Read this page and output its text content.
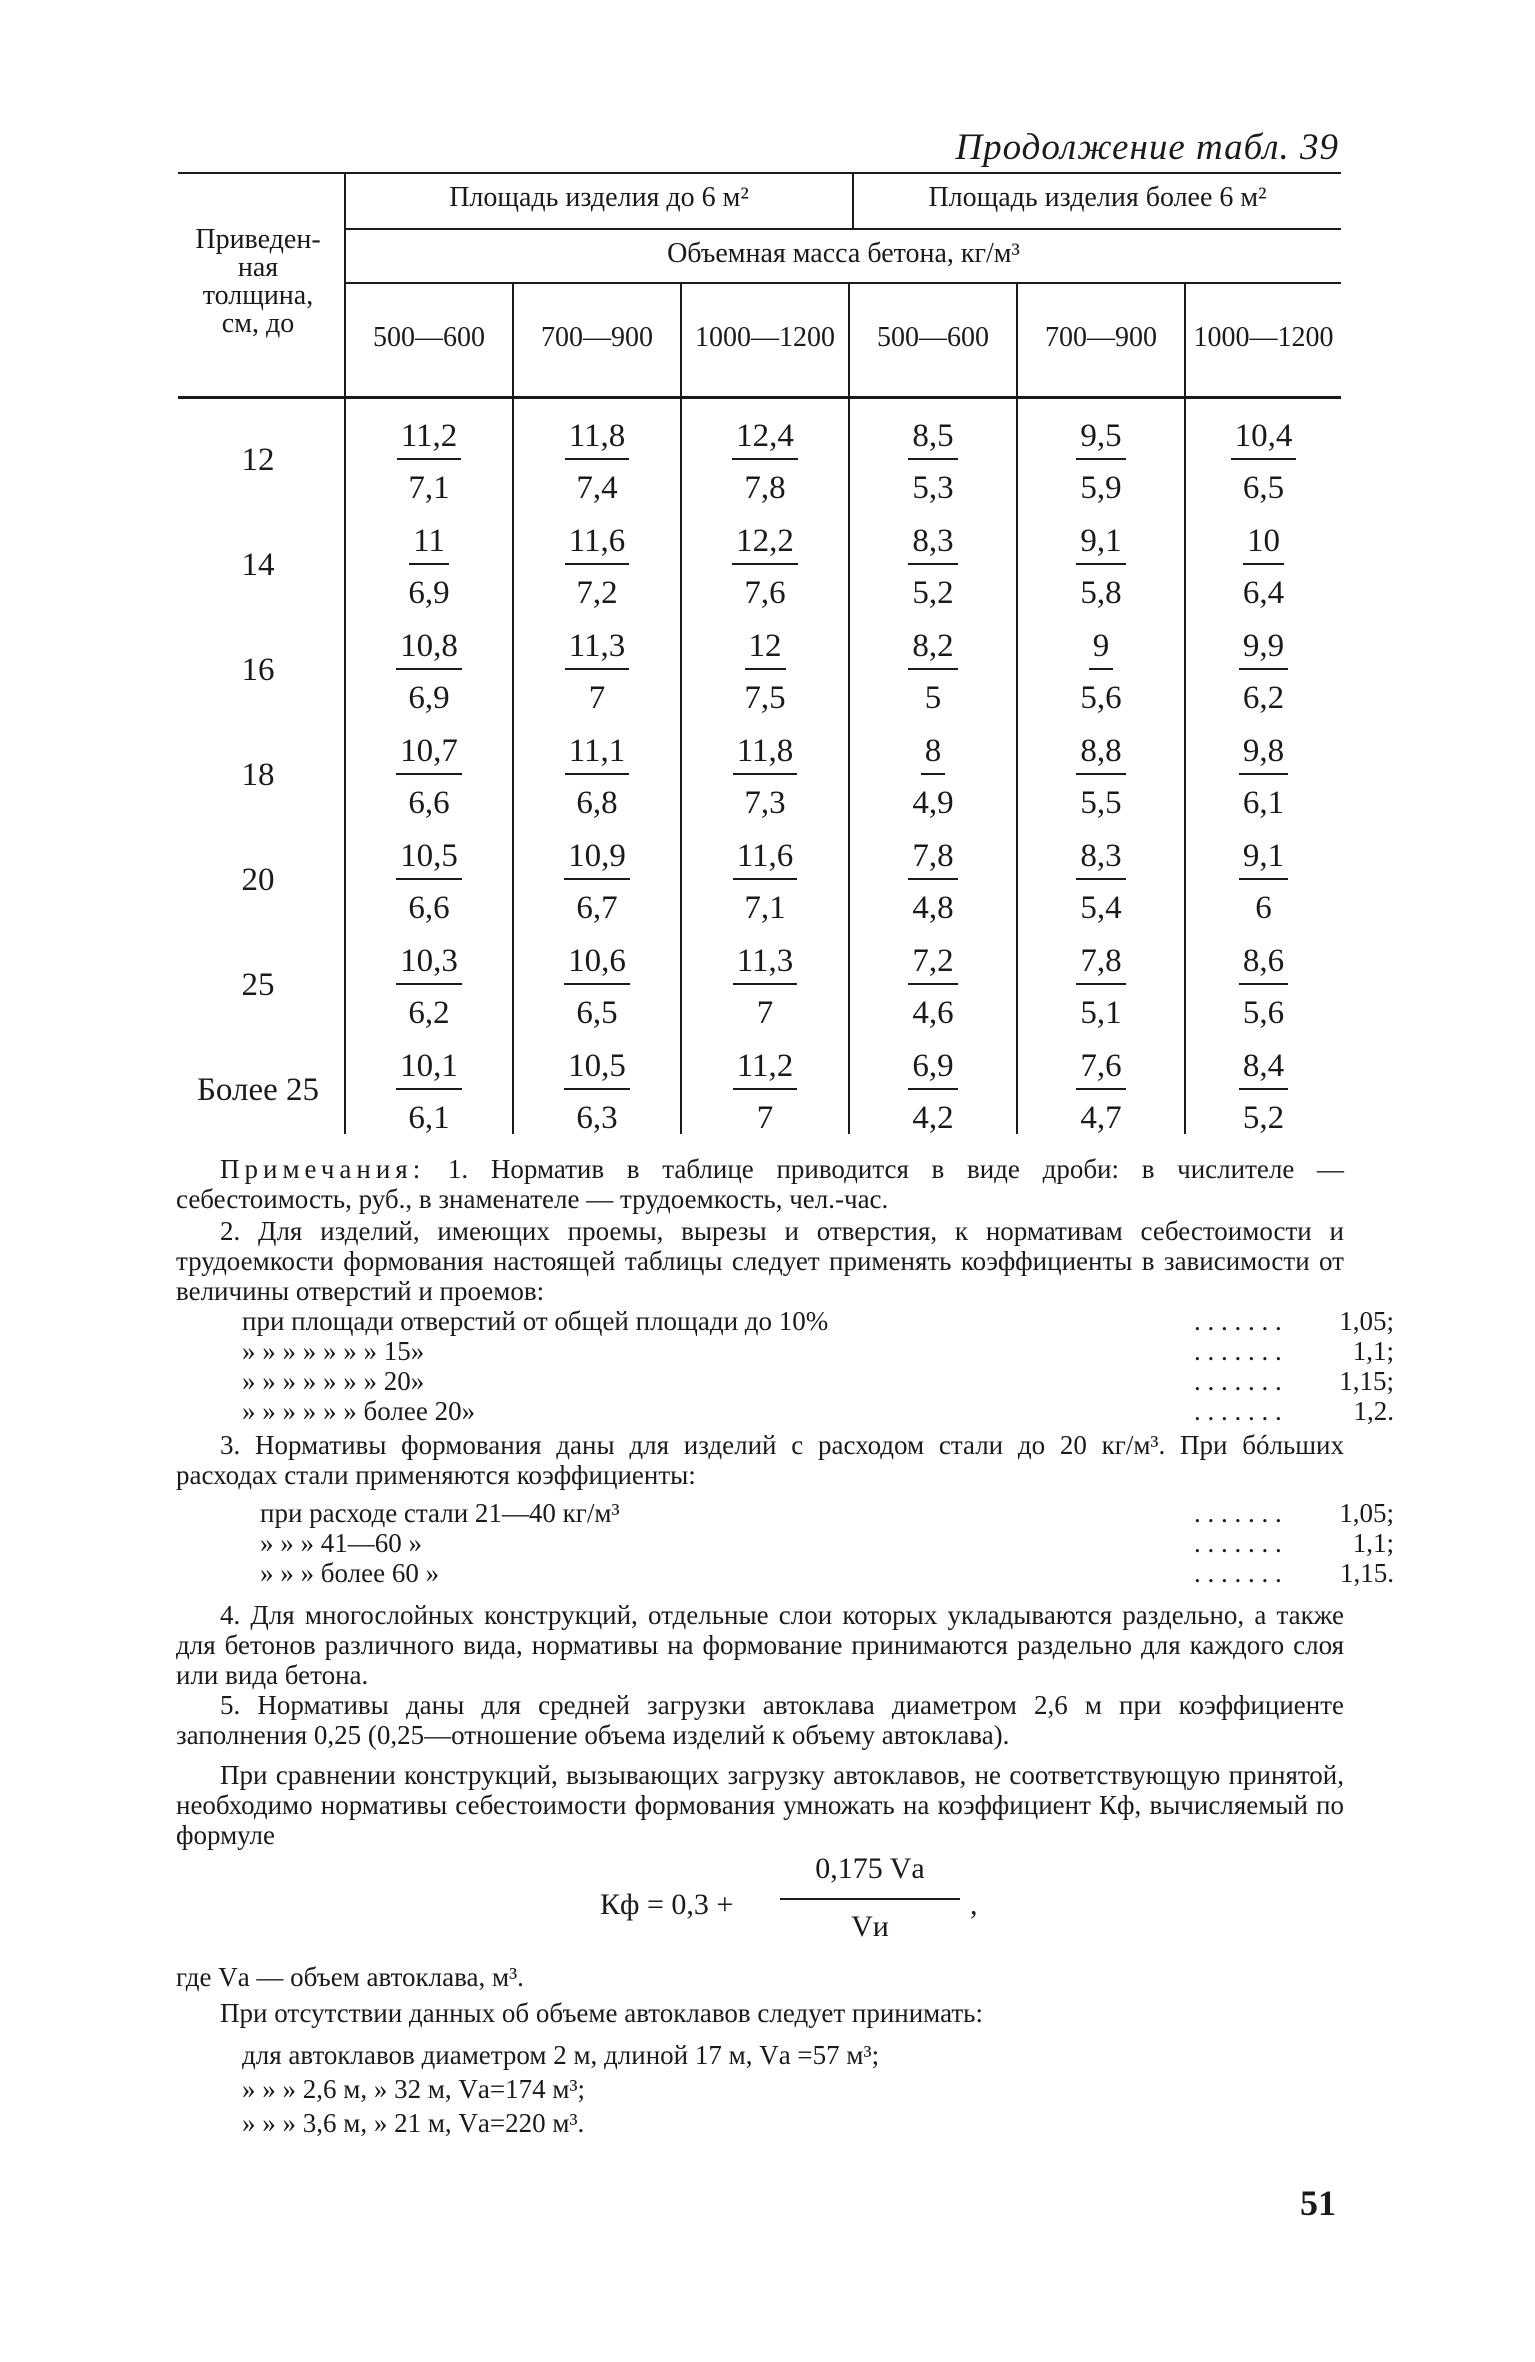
Продолжение табл. 39
Приведен-
ная
толщина,
см, до
Площадь изделия до 6 м²	Площадь изделия более 6 м²
Объемная масса бетона, кг/м³
500—600	700—900	1000—1200	500—600	700—900	1000—1200
12	$\frac{11,2}{7,1} \frac{11,8}{7,4} \frac{12,4}{7,8} \frac{8,5}{5,3} \frac{9,5}{5,9} \frac{10,4}{6,5}$
14	$\frac{11}{6,9} \frac{11,6}{7,2} \frac{12,2}{7,6} \frac{8,3}{5,2} \frac{9,1}{5,8} \frac{10}{6,4}$
16	$\frac{10,8}{6,9} \frac{11,3}{7} \frac{12}{7,5} \frac{8,2}{5} \frac{9}{5,6} \frac{9,9}{6,2}$
18	$\frac{10,7}{6,6} \frac{11,1}{6,8} \frac{11,8}{7,3} \frac{8}{4,9} \frac{8,8}{5,5} \frac{9,8}{6,1}$
20	$\frac{10,5}{6,6} \frac{10,9}{6,7} \frac{11,6}{7,1} \frac{7,8}{4,8} \frac{8,3}{5,4} \frac{9,1}{6}$
25	$\frac{10,3}{6,2} \frac{10,6}{6,5} \frac{11,3}{7} \frac{7,2}{4,6} \frac{7,8}{5,1} \frac{8,6}{5,6}$
Более 25	$\frac{10,1}{6,1} \frac{10,5}{6,3} \frac{11,2}{7} \frac{6,9}{4,2} \frac{7,6}{4,7} \frac{8,4}{5,2}$
Примечания: 1. Норматив в таблице приводится в виде дроби: в числителе — себестоимость, руб., в знаменателе — трудоемкость, чел.-час.
2. Для изделий, имеющих проемы, вырезы и отверстия, к нормативам себестоимости и трудоемкости формования настоящей таблицы следует применять коэффициенты в зависимости от величины отверстий и проемов:
при площади отверстий от общей площади до 10%	. . . . . . .	1,05;
» » » » » » » 15»	. . . . . . .	1,1;
» » » » » » » 20»	. . . . . . .	1,15;
» » » » » » более 20»	. . . . . . .	1,2.
3. Нормативы формования даны для изделий с расходом стали до 20 кг/м³. При бóльших расходах стали применяются коэффициенты:
при расходе стали 21—40 кг/м³	. . . . . . .	1,05;
» » » 41—60 »	. . . . . . .	1,1;
» » » более 60 »	. . . . . . .	1,15.
4. Для многослойных конструкций, отдельные слои которых укладываются раздельно, а также для бетонов различного вида, нормативы на формование принимаются раздельно для каждого слоя или вида бетона.
5. Нормативы даны для средней загрузки автоклава диаметром 2,6 м при коэффициенте заполнения 0,25 (0,25—отношение объема изделий к объему автоклава).
При сравнении конструкций, вызывающих загрузку автоклавов, не соответствующую принятой, необходимо нормативы себестоимости формования умножать на коэффициент Кф, вычисляемый по формуле
Кф = 0,3 +
0,175 Vа
Vи
,
где Vа — объем автоклава, м³.
При отсутствии данных об объеме автоклавов следует принимать:
для автоклавов диаметром 2 м, длиной 17 м, Vа =57 м³;
» » » 2,6 м, » 32 м, Vа=174 м³;
» » » 3,6 м, » 21 м, Vа=220 м³.
51
